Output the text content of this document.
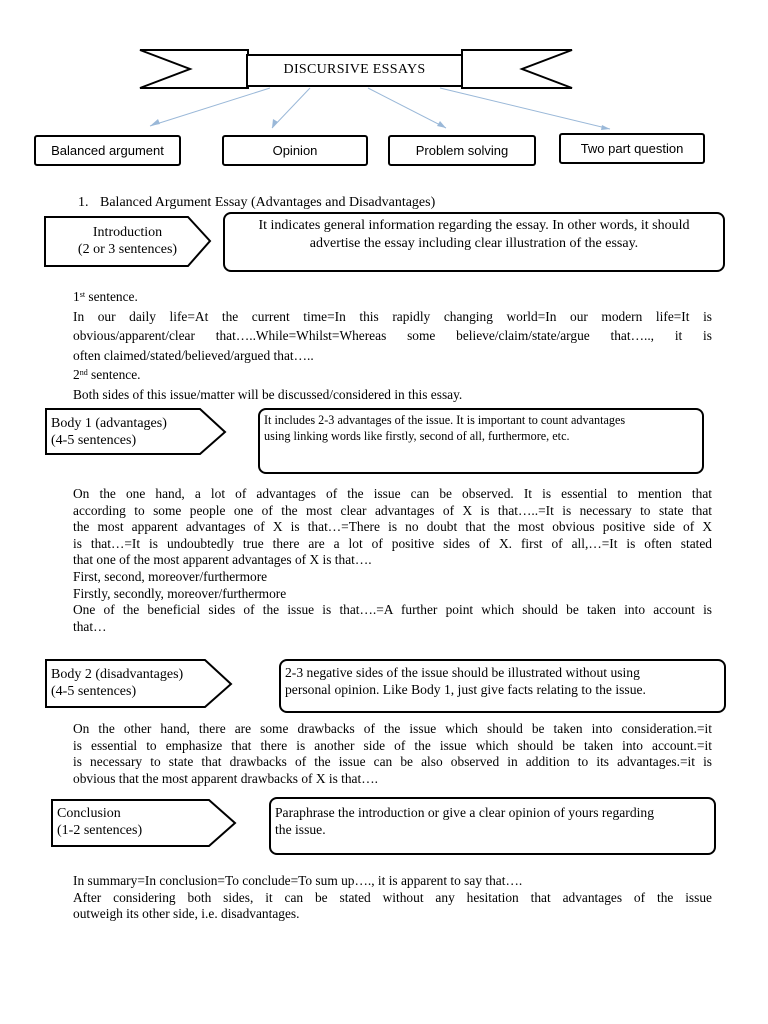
DISCURSIVE ESSAYS
Balanced argument	Opinion	Problem solving	Two part question
1. Balanced Argument Essay (Advantages and Disadvantages)
Introduction
(2 or 3 sentences)
It indicates general information regarding the essay. In other words, it should
advertise the essay including clear illustration of the essay.
1st sentence.
In our daily life=At the current time=In this rapidly changing world=In our modern life=It is
obvious/apparent/clear that…..While=Whilst=Whereas some believe/claim/state/argue that….., it is
often claimed/stated/believed/argued that…..
2nd sentence.
Both sides of this issue/matter will be discussed/considered in this essay.
Body 1 (advantages)
(4-5 sentences)
It includes 2-3 advantages of the issue. It is important to count advantages
using linking words like firstly, second of all, furthermore, etc.
On the one hand, a lot of advantages of the issue can be observed. It is essential to mention that
according to some people one of the most clear advantages of X is that…..=It is necessary to state that
the most apparent advantages of X is that…=There is no doubt that the most obvious positive side of X
is that…=It is undoubtedly true there are a lot of positive sides of X. first of all,…=It is often stated
that one of the most apparent advantages of X is that….
First, second, moreover/furthermore
Firstly, secondly, moreover/furthermore
One of the beneficial sides of the issue is that….=A further point which should be taken into account is
that…
Body 2 (disadvantages)
(4-5 sentences)
2-3 negative sides of the issue should be illustrated without using
personal opinion. Like Body 1, just give facts relating to the issue.
On the other hand, there are some drawbacks of the issue which should be taken into consideration.=it
is essential to emphasize that there is another side of the issue which should be taken into account.=it
is necessary to state that drawbacks of the issue can be also observed in addition to its advantages.=it is
obvious that the most apparent drawbacks of X is that….
Conclusion
(1-2 sentences)
Paraphrase the introduction or give a clear opinion of yours regarding
the issue.
In summary=In conclusion=To conclude=To sum up…., it is apparent to say that….
After considering both sides, it can be stated without any hesitation that advantages of the issue
outweigh its other side, i.e. disadvantages.
